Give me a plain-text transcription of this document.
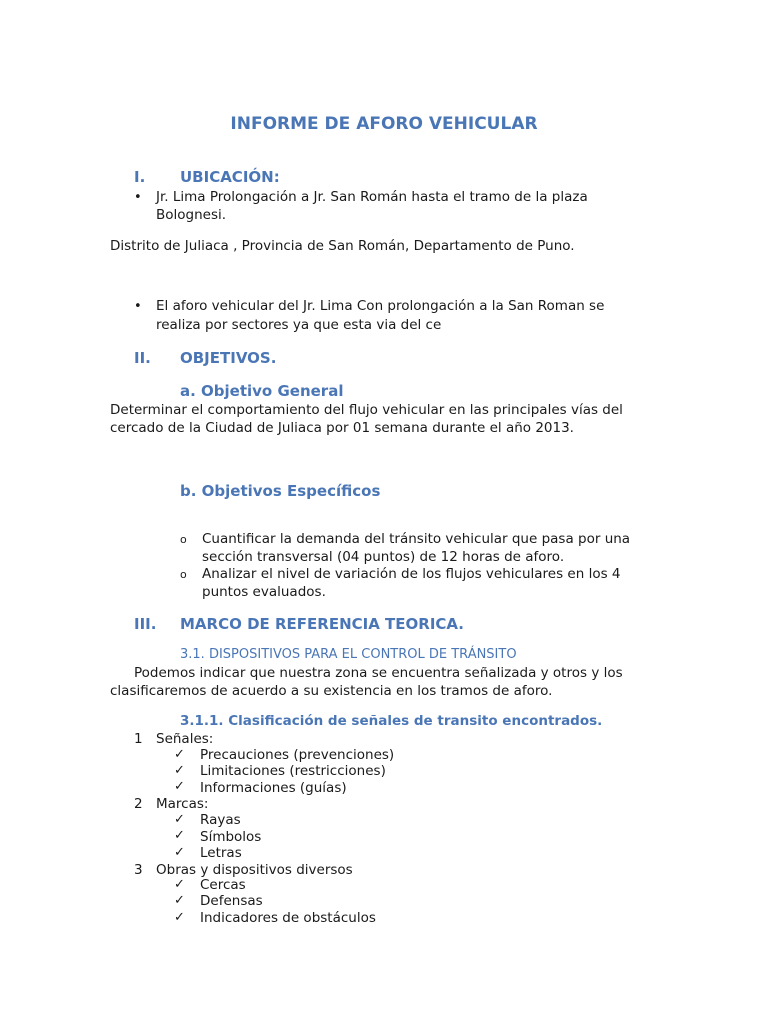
INFORME DE AFORO VEHICULAR
I. UBICACIÓN:
• Jr. Lima Prolongación a Jr. San Román hasta el tramo de la plaza
Bolognesi.
Distrito de Juliaca , Provincia de San Román, Departamento de Puno.
• El aforo vehicular del Jr. Lima Con prolongación a la San Roman se
realiza por sectores ya que esta via del ce
II. OBJETIVOS.
a. Objetivo General
Determinar el comportamiento del flujo vehicular en las principales vías del
cercado de la Ciudad de Juliaca por 01 semana durante el año 2013.
b. Objetivos Específicos
o Cuantificar la demanda del tránsito vehicular que pasa por una
sección transversal (04 puntos) de 12 horas de aforo.
o Analizar el nivel de variación de los flujos vehiculares en los 4
puntos evaluados.
III. MARCO DE REFERENCIA TEORICA.
3.1. DISPOSITIVOS PARA EL CONTROL DE TRÁNSITO
Podemos indicar que nuestra zona se encuentra señalizada y otros y los
clasificaremos de acuerdo a su existencia en los tramos de aforo.
3.1.1. Clasificación de señales de transito encontrados.
1 Señales:
✓ Precauciones (prevenciones)
✓ Limitaciones (restricciones)
✓ Informaciones (guías)
2 Marcas:
✓ Rayas
✓ Símbolos
✓ Letras
3 Obras y dispositivos diversos
✓ Cercas
✓ Defensas
✓ Indicadores de obstáculos
